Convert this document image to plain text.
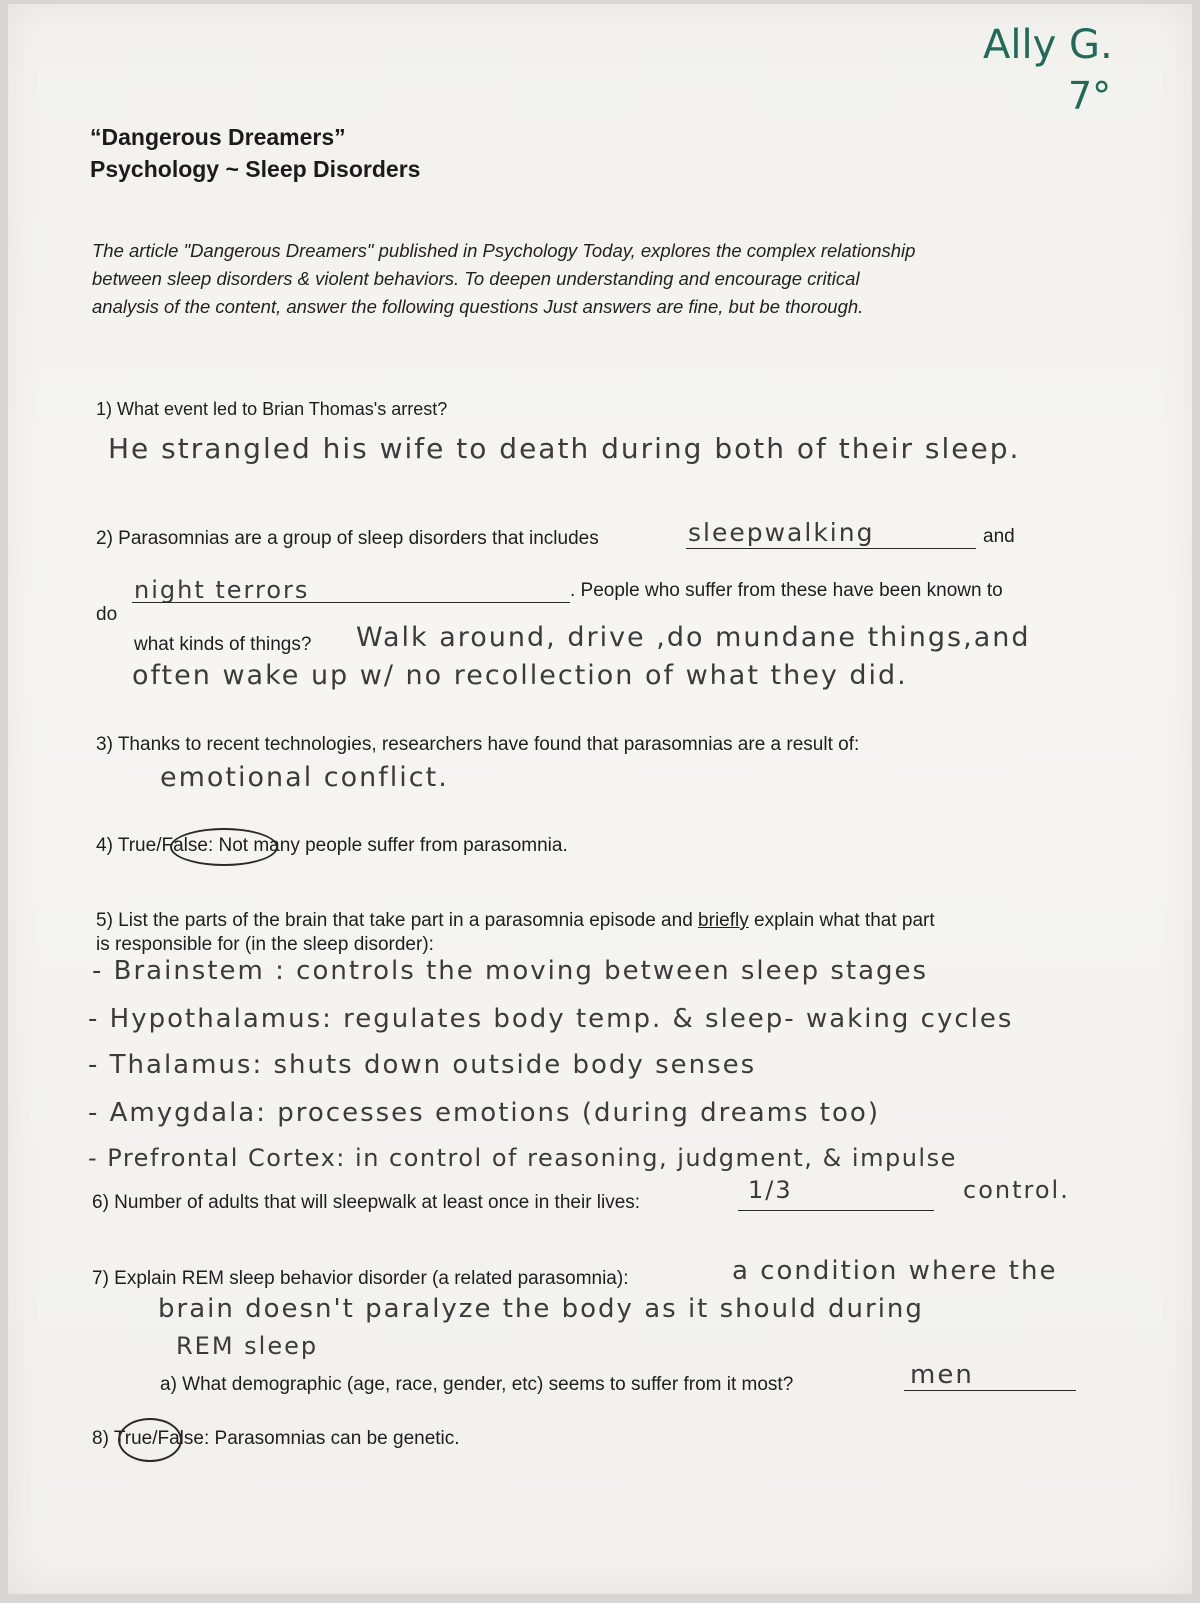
Ally G.
7°
“Dangerous Dreamers”
Psychology ~ Sleep Disorders
The article "Dangerous Dreamers" published in Psychology Today, explores the complex relationship
between sleep disorders & violent behaviors. To deepen understanding and encourage critical
analysis of the content, answer the following questions Just answers are fine, but be thorough.
1) What event led to Brian Thomas's arrest?
He strangled his wife to death during both of their sleep.
2) Parasomnias are a group of sleep disorders that includes	sleepwalking	and
night terrors	. People who suffer from these have been known to
do
what kinds of things? Walk around, drive ,do mundane things,and
often wake up w/ no recollection of what they did.
3) Thanks to recent technologies, researchers have found that parasomnias are a result of:
emotional conflict.
4) True/False: Not many people suffer from parasomnia.
5) List the parts of the brain that take part in a parasomnia episode and briefly explain what that part
is responsible for (in the sleep disorder):
- Brainstem : controls the moving between sleep stages
- Hypothalamus: regulates body temp. & sleep- waking cycles
- Thalamus: shuts down outside body senses
- Amygdala: processes emotions (during dreams too)
- Prefrontal Cortex: in control of reasoning, judgment, & impulse
control.
6) Number of adults that will sleepwalk at least once in their lives:	1/3
7) Explain REM sleep behavior disorder (a related parasomnia):	a condition where the
brain doesn't paralyze the body as it should during
REM sleep
a) What demographic (age, race, gender, etc) seems to suffer from it most?	men
8) True/False: Parasomnias can be genetic.
